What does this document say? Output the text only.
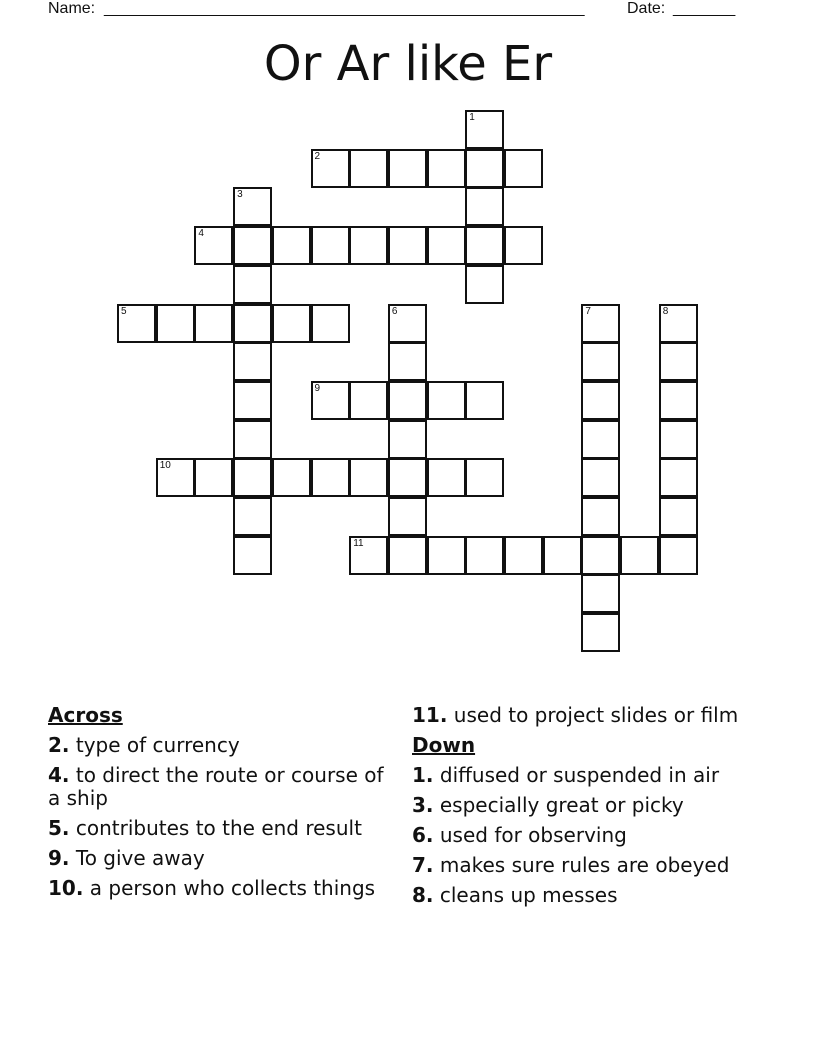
Name: ______________________________________________________	Date: _______
Or Ar like Er
1
2
3
4
5	6	7	8
9
10
11
Across
2. type of currency
4. to direct the route or course of a ship
5. contributes to the end result
9. To give away
10. a person who collects things
11. used to project slides or film
Down
1. diffused or suspended in air
3. especially great or picky
6. used for observing
7. makes sure rules are obeyed
8. cleans up messes
